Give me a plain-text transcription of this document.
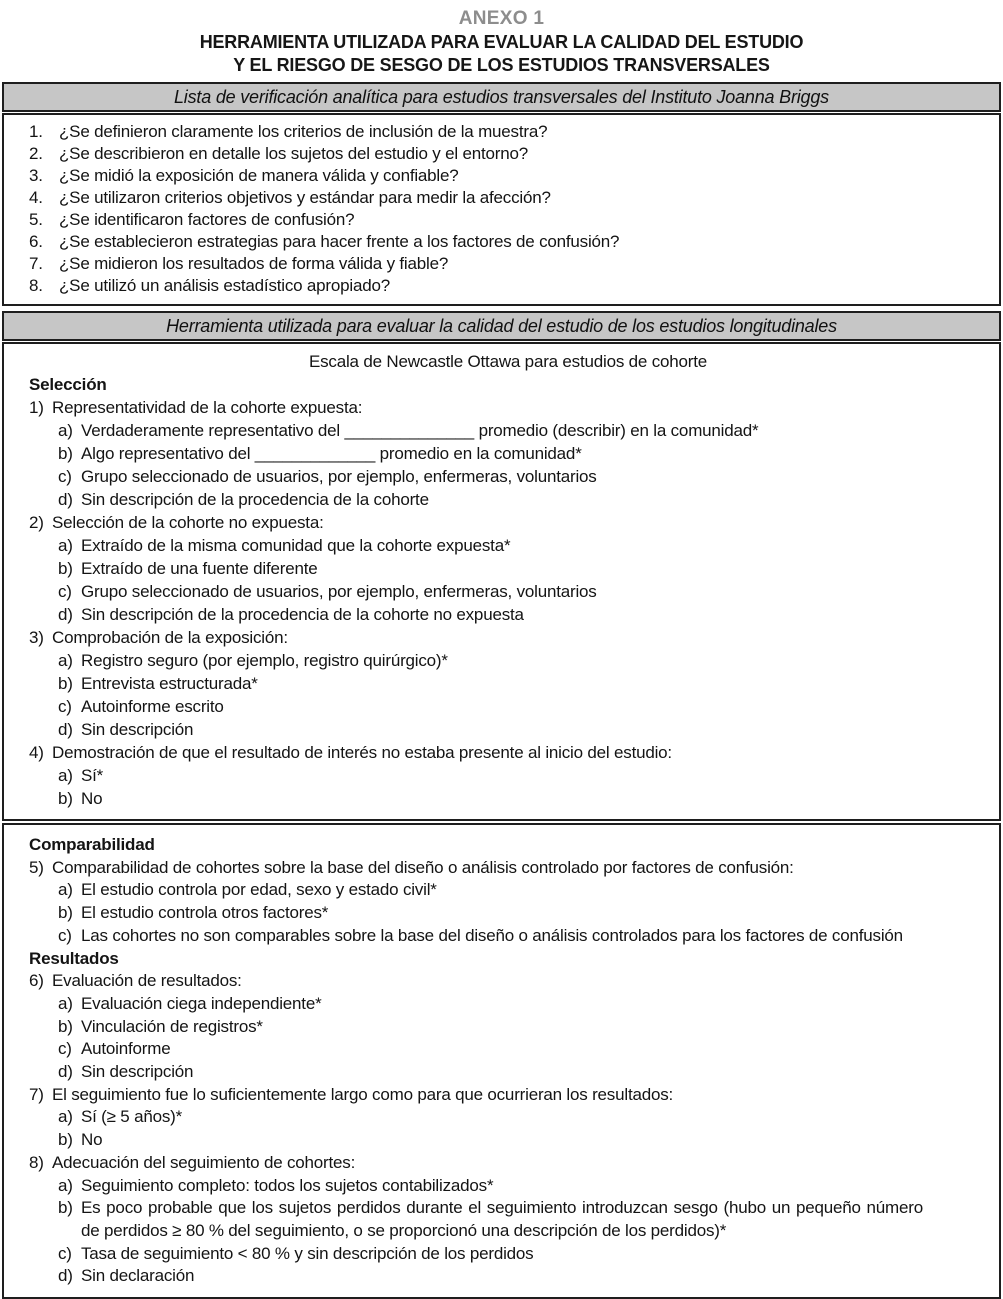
ANEXO 1
HERRAMIENTA UTILIZADA PARA EVALUAR LA CALIDAD DEL ESTUDIO
Y EL RIESGO DE SESGO DE LOS ESTUDIOS TRANSVERSALES
Lista de verificación analítica para estudios transversales del Instituto Joanna Briggs
1. ¿Se definieron claramente los criterios de inclusión de la muestra?
2. ¿Se describieron en detalle los sujetos del estudio y el entorno?
3. ¿Se midió la exposición de manera válida y confiable?
4. ¿Se utilizaron criterios objetivos y estándar para medir la afección?
5. ¿Se identificaron factores de confusión?
6. ¿Se establecieron estrategias para hacer frente a los factores de confusión?
7. ¿Se midieron los resultados de forma válida y fiable?
8. ¿Se utilizó un análisis estadístico apropiado?
Herramienta utilizada para evaluar la calidad del estudio de los estudios longitudinales
Escala de Newcastle Ottawa para estudios de cohorte
Selección
1) Representatividad de la cohorte expuesta:
a) Verdaderamente representativo del ______________ promedio (describir) en la comunidad*
b) Algo representativo del _____________ promedio en la comunidad*
c) Grupo seleccionado de usuarios, por ejemplo, enfermeras, voluntarios
d) Sin descripción de la procedencia de la cohorte
2) Selección de la cohorte no expuesta:
a) Extraído de la misma comunidad que la cohorte expuesta*
b) Extraído de una fuente diferente
c) Grupo seleccionado de usuarios, por ejemplo, enfermeras, voluntarios
d) Sin descripción de la procedencia de la cohorte no expuesta
3) Comprobación de la exposición:
a) Registro seguro (por ejemplo, registro quirúrgico)*
b) Entrevista estructurada*
c) Autoinforme escrito
d) Sin descripción
4) Demostración de que el resultado de interés no estaba presente al inicio del estudio:
a) Sí*
b) No
Comparabilidad
5) Comparabilidad de cohortes sobre la base del diseño o análisis controlado por factores de confusión:
a) El estudio controla por edad, sexo y estado civil*
b) El estudio controla otros factores*
c) Las cohortes no son comparables sobre la base del diseño o análisis controlados para los factores de confusión
Resultados
6) Evaluación de resultados:
a) Evaluación ciega independiente*
b) Vinculación de registros*
c) Autoinforme
d) Sin descripción
7) El seguimiento fue lo suficientemente largo como para que ocurrieran los resultados:
a) Sí (≥ 5 años)*
b) No
8) Adecuación del seguimiento de cohortes:
a) Seguimiento completo: todos los sujetos contabilizados*
b) Es poco probable que los sujetos perdidos durante el seguimiento introduzcan sesgo (hubo un pequeño número de perdidos ≥ 80 % del seguimiento, o se proporcionó una descripción de los perdidos)*
c) Tasa de seguimiento < 80 % y sin descripción de los perdidos
d) Sin declaración
